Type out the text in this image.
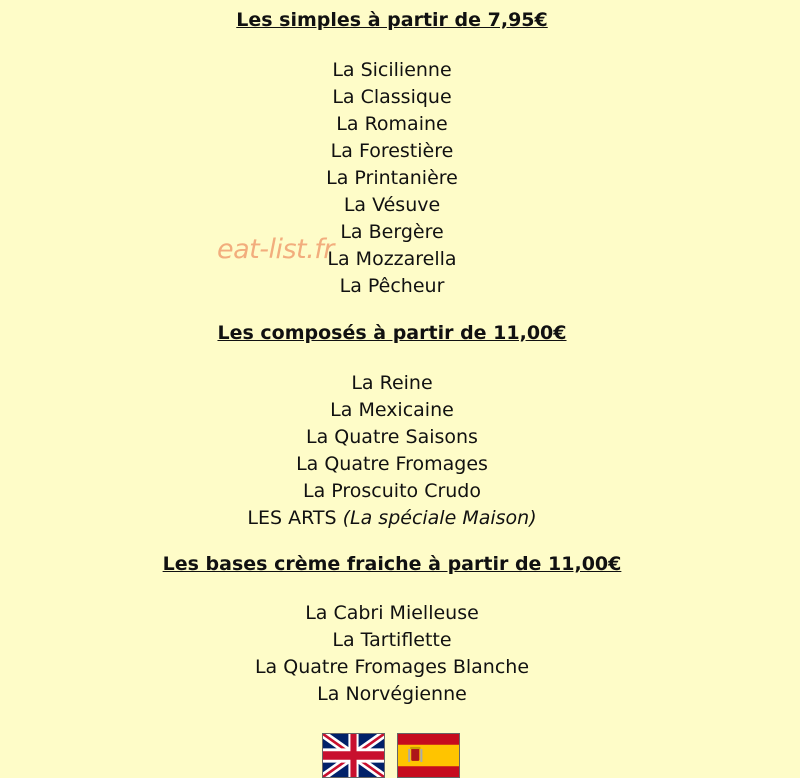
Les simples à partir de 7,95€
La Sicilienne
La Classique
La Romaine
La Forestière
La Printanière
La Vésuve
La Bergère
La Mozzarella
La Pêcheur
Les composés à partir de 11,00€
La Reine
La Mexicaine
La Quatre Saisons
La Quatre Fromages
La Proscuito Crudo
LES ARTS (La spéciale Maison)
Les bases crème fraiche à partir de 11,00€
La Cabri Mielleuse
La Tartiflette
La Quatre Fromages Blanche
La Norvégienne
eat-list.fr
